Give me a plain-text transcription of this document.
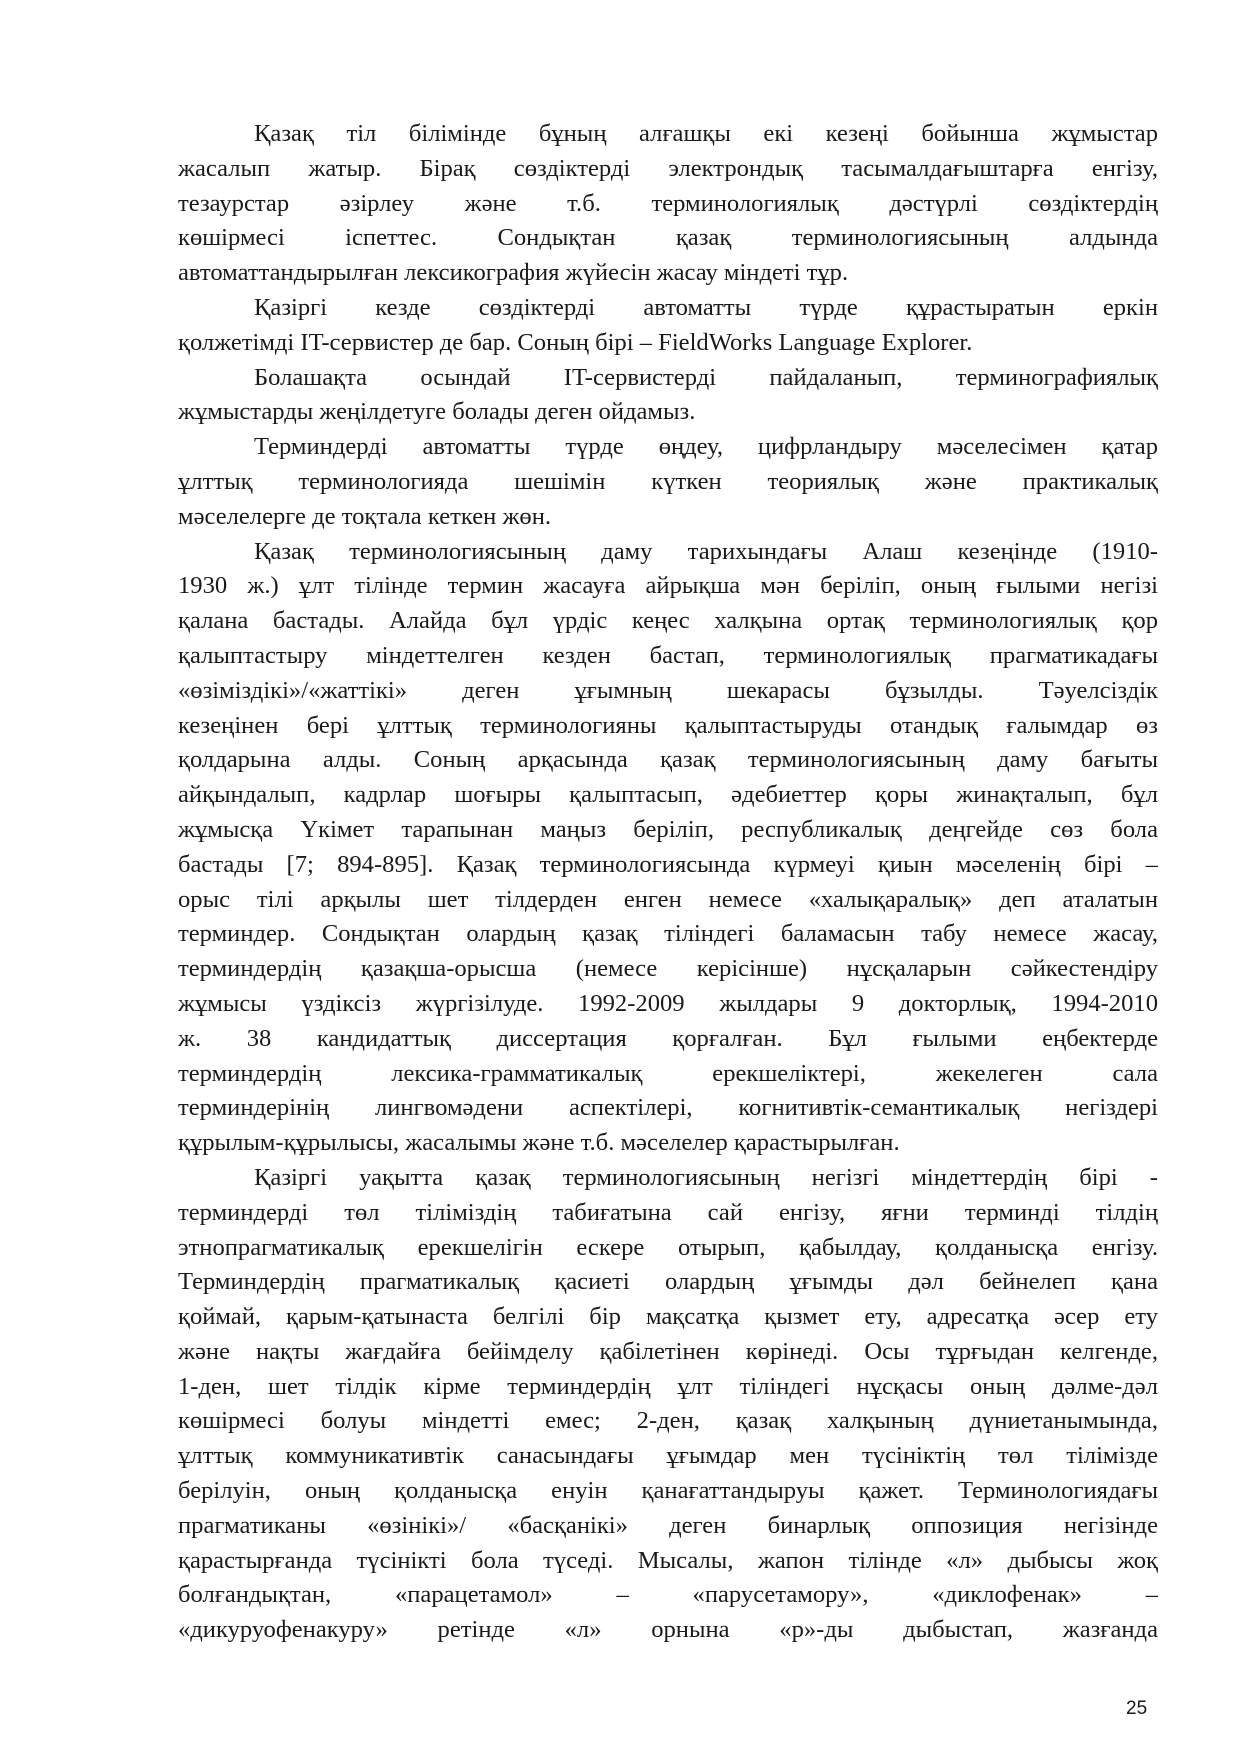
Қазақ тіл білімінде бұның алғашқы екі кезеңі бойынша жұмыстар
жасалып жатыр. Бірақ сөздіктерді электрондық тасымалдағыштарға енгізу,
тезаурстар әзірлеу және т.б. терминологиялық дәстүрлі сөздіктердің
көшірмесі іспеттес. Сондықтан қазақ терминологиясының алдында
автоматтандырылған лексикография жүйесін жасау міндеті тұр.
Қазіргі кезде сөздіктерді автоматты түрде құрастыратын еркін
қолжетімді IT-сервистер де бар. Соның бірі – FieldWorks Language Explorer.
Болашақта осындай IT-сервистерді пайдаланып, терминографиялық
жұмыстарды жеңілдетуге болады деген ойдамыз.
Терминдерді автоматты түрде өңдеу, цифрландыру мәселесімен қатар
ұлттық терминологияда шешімін күткен теориялық және практикалық
мәселелерге де тоқтала кеткен жөн.
Қазақ терминологиясының даму тарихындағы Алаш кезеңінде (1910-
1930 ж.) ұлт тілінде термин жасауға айрықша мән беріліп, оның ғылыми негізі
қалана бастады. Алайда бұл үрдіс кеңес халқына ортақ терминологиялық қор
қалыптастыру міндеттелген кезден бастап, терминологиялық прагматикадағы
«өзіміздікі»/«жаттікі» деген ұғымның шекарасы бұзылды. Тәуелсіздік
кезеңінен бері ұлттық терминологияны қалыптастыруды отандық ғалымдар өз
қолдарына алды. Соның арқасында қазақ терминологиясының даму бағыты
айқындалып, кадрлар шоғыры қалыптасып, әдебиеттер қоры жинақталып, бұл
жұмысқа Үкімет тарапынан маңыз беріліп, республикалық деңгейде сөз бола
бастады [7; 894-895]. Қазақ терминологиясында күрмеуі қиын мәселенің бірі –
орыс тілі арқылы шет тілдерден енген немесе «халықаралық» деп аталатын
терминдер. Сондықтан олардың қазақ тіліндегі баламасын табу немесе жасау,
терминдердің қазақша-орысша (немесе керісінше) нұсқаларын сәйкестендіру
жұмысы үздіксіз жүргізілуде. 1992-2009 жылдары 9 докторлық, 1994-2010
ж. 38 кандидаттық диссертация қорғалған. Бұл ғылыми еңбектерде
терминдердің лексика-грамматикалық ерекшеліктері, жекелеген сала
терминдерінің лингвомәдени аспектілері, когнитивтік-семантикалық негіздері
құрылым-құрылысы, жасалымы және т.б. мәселелер қарастырылған.
Қазіргі уақытта қазақ терминологиясының негізгі міндеттердің бірі -
терминдерді төл тіліміздің табиғатына сай енгізу, яғни терминді тілдің
этнопрагматикалық ерекшелігін ескере отырып, қабылдау, қолданысқа енгізу.
Терминдердің прагматикалық қасиеті олардың ұғымды дәл бейнелеп қана
қоймай, қарым-қатынаста белгілі бір мақсатқа қызмет ету, адресатқа әсер ету
және нақты жағдайға бейімделу қабілетінен көрінеді. Осы тұрғыдан келгенде,
1-ден, шет тілдік кірме терминдердің ұлт тіліндегі нұсқасы оның дәлме-дәл
көшірмесі болуы міндетті емес; 2-ден, қазақ халқының дүниетанымында,
ұлттық коммуникативтік санасындағы ұғымдар мен түсініктің төл тілімізде
берілуін, оның қолданысқа енуін қанағаттандыруы қажет. Терминологиядағы
прагматиканы «өзінікі»/ «басқанікі» деген бинарлық оппозиция негізінде
қарастырғанда түсінікті бола түседі. Мысалы, жапон тілінде «л» дыбысы жоқ
болғандықтан, «парацетамол» – «парусетамору», «диклофенак» –
«дикуруофенакуру» ретінде «л» орнына «р»-ды дыбыстап, жазғанда
25
